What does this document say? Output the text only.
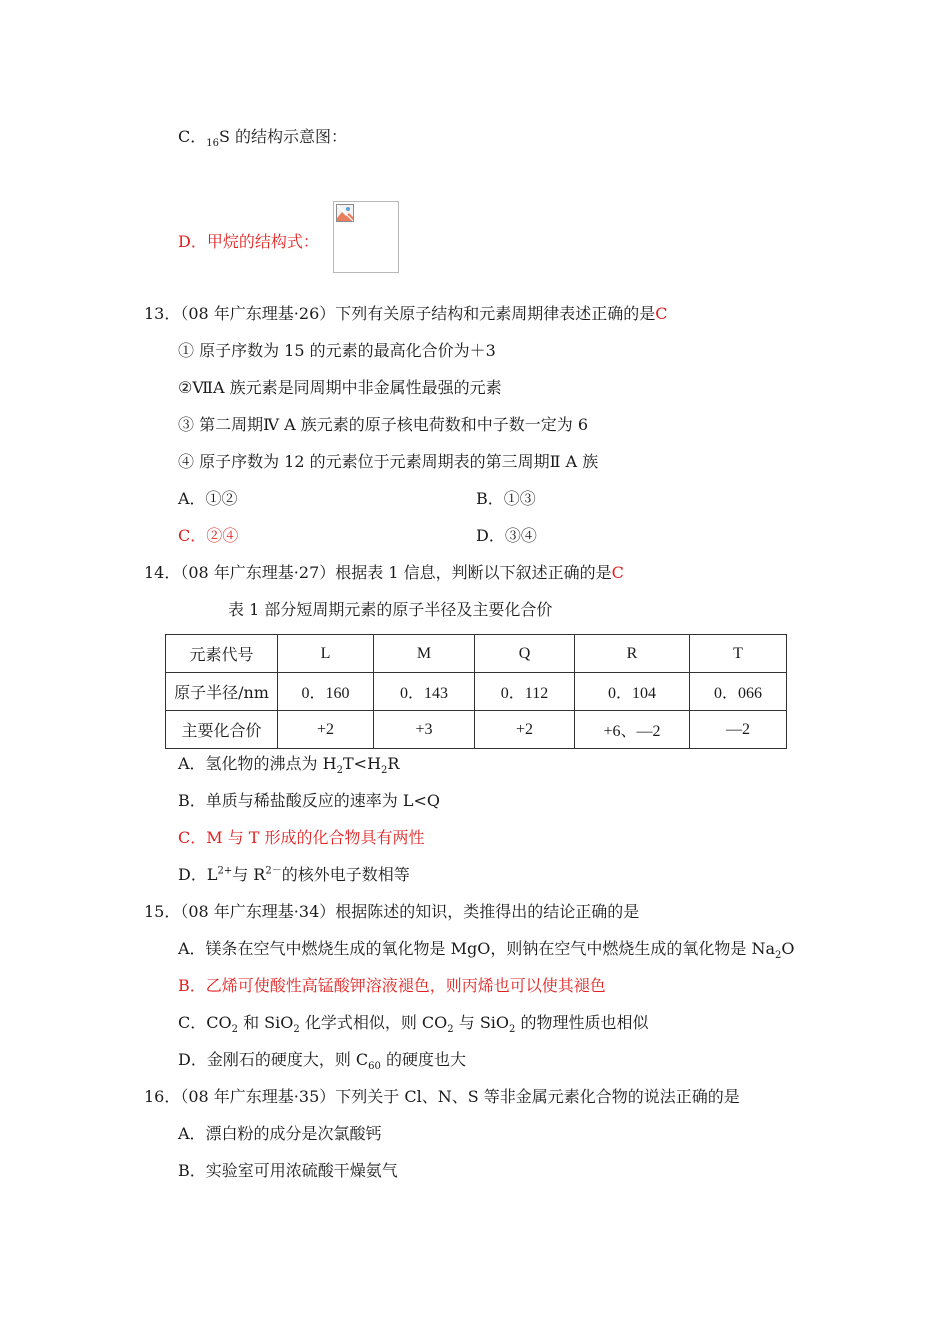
C．$_{16}$S 的结构示意图：
D．甲烷的结构式：
13．（08 年广东理基·26）下列有关原子结构和元素周期律表述正确的是C
① 原子序数为 15 的元素的最高化合价为＋3
②ⅦA 族元素是同周期中非金属性最强的元素
③ 第二周期Ⅳ A 族元素的原子核电荷数和中子数一定为 6
④ 原子序数为 12 的元素位于元素周期表的第三周期Ⅱ A 族
A．①②	B．①③
C．②④	D．③④
14．（08 年广东理基·27）根据表 1 信息，判断以下叙述正确的是C
表 1 部分短周期元素的原子半径及主要化合价
元素代号	L	M	Q	R	T
原子半径/nm	0．160	0．143	0．112	0．104	0．066
主要化合价	+2	+3	+2	+6、—2	—2
A．氢化物的沸点为 $H_2T<H_2R$
B．单质与稀盐酸反应的速率为 L<Q
C．M 与 T 形成的化合物具有两性
D．$L^{2+}$与 $R^{2-}$的核外电子数相等
15．（08 年广东理基·34）根据陈述的知识，类推得出的结论正确的是
A．镁条在空气中燃烧生成的氧化物是 MgO，则钠在空气中燃烧生成的氧化物是 $Na_2O$
B．乙烯可使酸性高锰酸钾溶液褪色，则丙烯也可以使其褪色
C．$CO_2$ 和 SiO$_2$ 化学式相似，则 $CO_2$ 与 SiO$_2$ 的物理性质也相似
D．金刚石的硬度大，则 $C_{60}$ 的硬度也大
16．（08 年广东理基·35）下列关于 Cl、N、S 等非金属元素化合物的说法正确的是
A．漂白粉的成分是次氯酸钙
B．实验室可用浓硫酸干燥氨气
